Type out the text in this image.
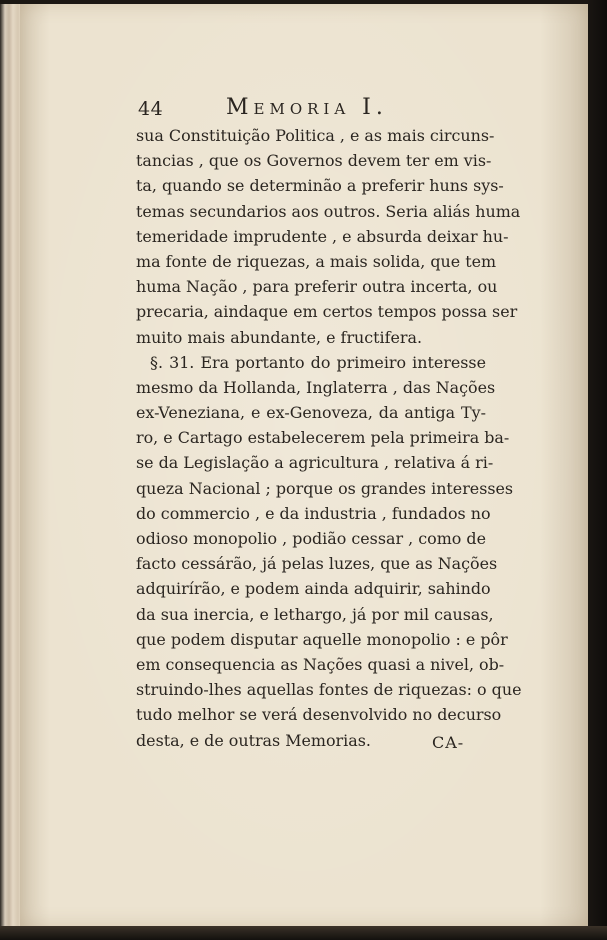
44	Memoria I.
sua Constituição Politica , e as mais circuns-
tancias , que os Governos devem ter em vis-
ta, quando se determinão a preferir huns sys-
temas secundarios aos outros. Seria aliás huma
temeridade imprudente , e absurda deixar hu-
ma fonte de riquezas, a mais solida, que tem
huma Nação , para preferir outra incerta, ou
precaria, aindaque em certos tempos possa ser
muito mais abundante, e fructifera.
§. 31. Era portanto do primeiro interesse
mesmo da Hollanda, Inglaterra , das Nações
ex-Veneziana, e ex-Genoveza, da antiga Ty-
ro, e Cartago estabelecerem pela primeira ba-
se da Legislação a agricultura , relativa á ri-
queza Nacional ; porque os grandes interesses
do commercio , e da industria , fundados no
odioso monopolio , podião cessar , como de
facto cessárão, já pelas luzes, que as Nações
adquirírão, e podem ainda adquirir, sahindo
da sua inercia, e lethargo, já por mil causas,
que podem disputar aquelle monopolio : e pôr
em consequencia as Nações quasi a nivel, ob-
struindo-lhes aquellas fontes de riquezas: o que
tudo melhor se verá desenvolvido no decurso
desta, e de outras Memorias.	CA-
